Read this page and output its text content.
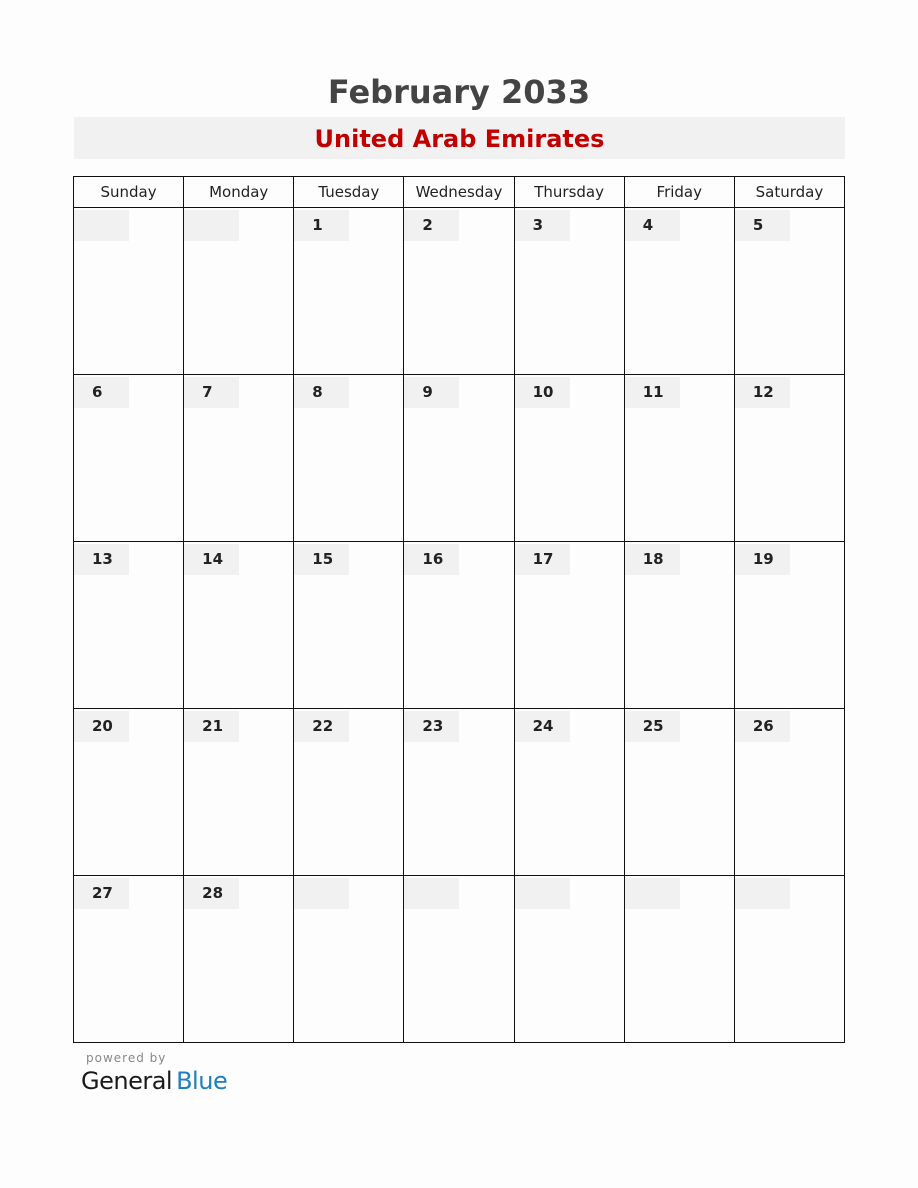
February 2033
United Arab Emirates
Sunday	Monday	Tuesday	Wednesday	Thursday	Friday	Saturday

		1	2	3	4	5

6	7	8	9	10	11	12

13	14	15	16	17	18	19

20	21	22	23	24	25	26

27	28					

powered by
General Blue
